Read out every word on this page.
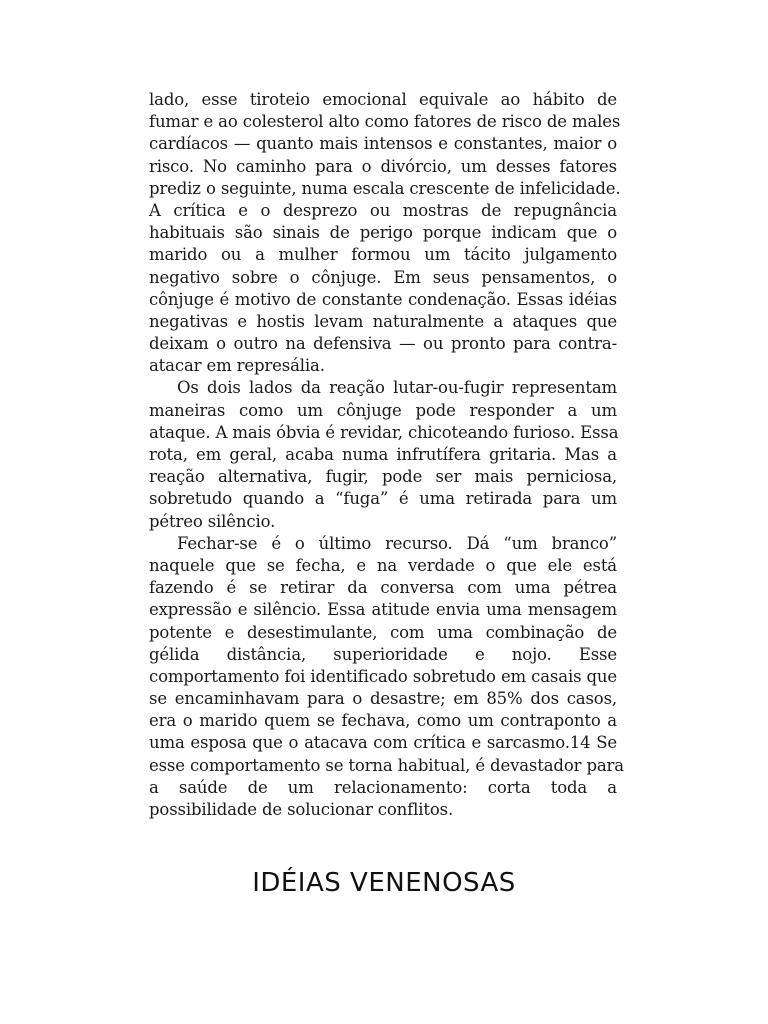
lado, esse tiroteio emocional equivale ao hábito de
fumar e ao colesterol alto como fatores de risco de males
cardíacos — quanto mais intensos e constantes, maior o
risco. No caminho para o divórcio, um desses fatores
prediz o seguinte, numa escala crescente de infelicidade.
A crítica e o desprezo ou mostras de repugnância
habituais são sinais de perigo porque indicam que o
marido ou a mulher formou um tácito julgamento
negativo sobre o cônjuge. Em seus pensamentos, o
cônjuge é motivo de constante condenação. Essas idéias
negativas e hostis levam naturalmente a ataques que
deixam o outro na defensiva — ou pronto para contra-
atacar em represália.
Os dois lados da reação lutar-ou-fugir representam
maneiras como um cônjuge pode responder a um
ataque. A mais óbvia é revidar, chicoteando furioso. Essa
rota, em geral, acaba numa infrutífera gritaria. Mas a
reação alternativa, fugir, pode ser mais perniciosa,
sobretudo quando a “fuga” é uma retirada para um
pétreo silêncio.
Fechar-se é o último recurso. Dá “um branco”
naquele que se fecha, e na verdade o que ele está
fazendo é se retirar da conversa com uma pétrea
expressão e silêncio. Essa atitude envia uma mensagem
potente e desestimulante, com uma combinação de
gélida distância, superioridade e nojo. Esse
comportamento foi identificado sobretudo em casais que
se encaminhavam para o desastre; em 85% dos casos,
era o marido quem se fechava, como um contraponto a
uma esposa que o atacava com crítica e sarcasmo.14 Se
esse comportamento se torna habitual, é devastador para
a saúde de um relacionamento: corta toda a
possibilidade de solucionar conflitos.
IDÉIAS VENENOSAS
